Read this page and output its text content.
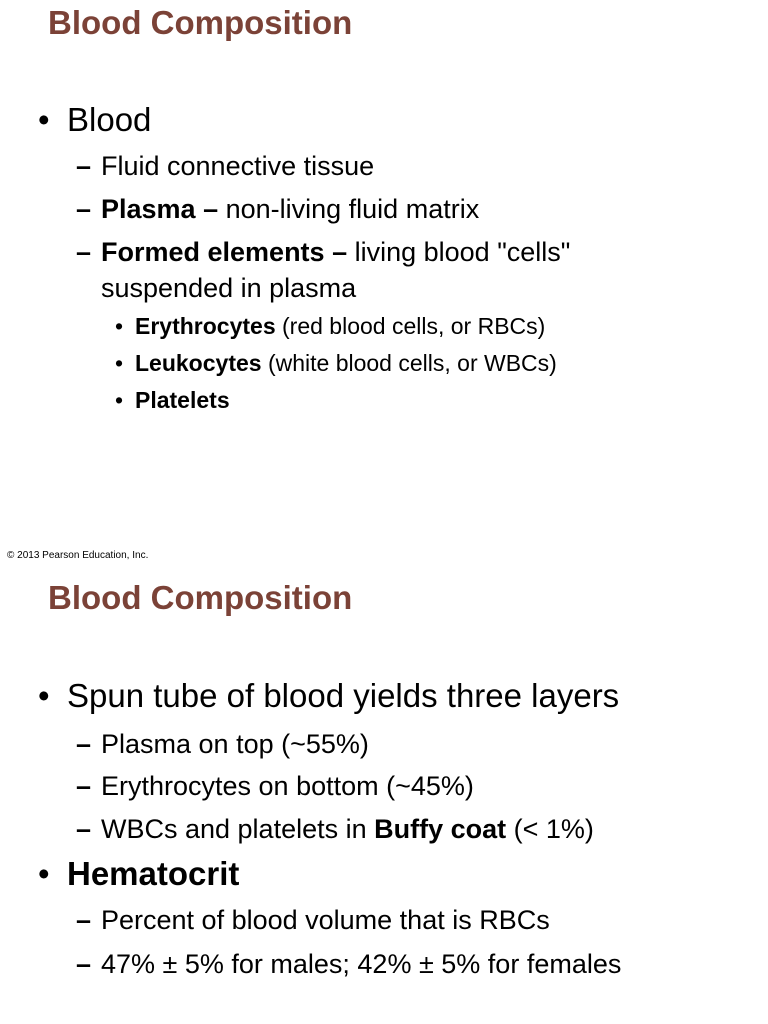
Blood Composition
• Blood
– Fluid connective tissue
– Plasma – non-living fluid matrix
– Formed elements – living blood "cells" suspended in plasma
• Erythrocytes (red blood cells, or RBCs)
• Leukocytes (white blood cells, or WBCs)
• Platelets
© 2013 Pearson Education, Inc.
Blood Composition
• Spun tube of blood yields three layers
– Plasma on top (~55%)
– Erythrocytes on bottom (~45%)
– WBCs and platelets in Buffy coat (< 1%)
• Hematocrit
– Percent of blood volume that is RBCs
– 47% ± 5% for males; 42% ± 5% for females
